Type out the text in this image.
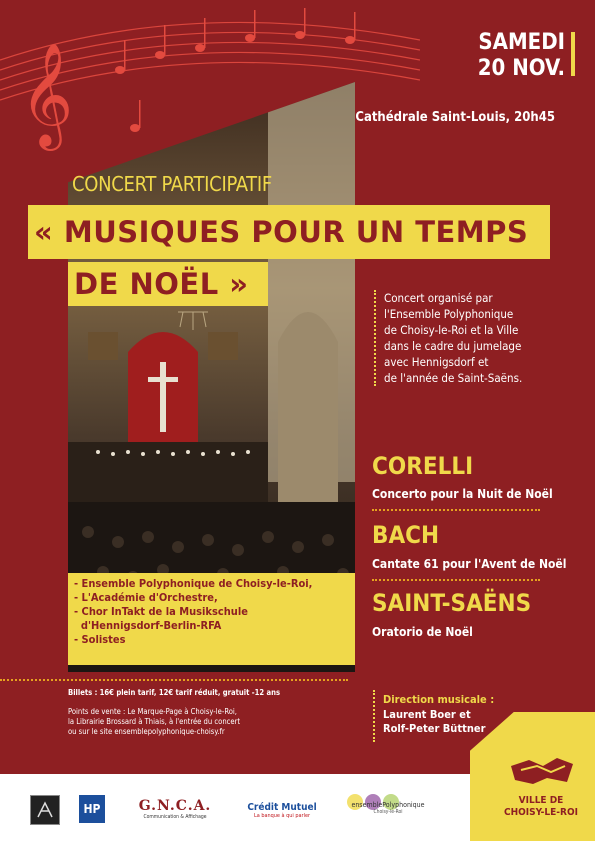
𝄞	SAMEDI
20 NOV.
Cathédrale Saint-Louis, 20h45
CONCERT PARTICIPATIF
« MUSIQUES POUR UN TEMPS
DE NOËL »	Concert organisé par
l'Ensemble Polyphonique
de Choisy-le-Roi et la Ville
dans le cadre du jumelage
avec Hennigsdorf et
de l'année de Saint-Saëns.
CORELLI
Concerto pour la Nuit de Noël
BACH
Cantate 61 pour l'Avent de Noël
SAINT-SAËNS
Oratorio de Noël
- Ensemble Polyphonique de Choisy-le-Roi,
- L'Académie d'Orchestre,
- Chor InTakt de la Musikschule
d'Hennigsdorf-Berlin-RFA
- Solistes
Billets : 16€ plein tarif, 12€ tarif réduit, gratuit -12 ans
Points de vente : Le Marque-Page à Choisy-le-Roi,
la Librairie Brossard à Thiais, à l'entrée du concert
ou sur le site ensemblepolyphonique-choisy.fr
Direction musicale :
Laurent Boer et
Rolf-Peter Büttner
HP	G.N.C.A.
Communication & Affichage
Crédit Mutuel
La banque à qui parler
ensemblePolyphonique
Choisy-le-Roi
VILLE DE
CHOISY-LE-ROI
